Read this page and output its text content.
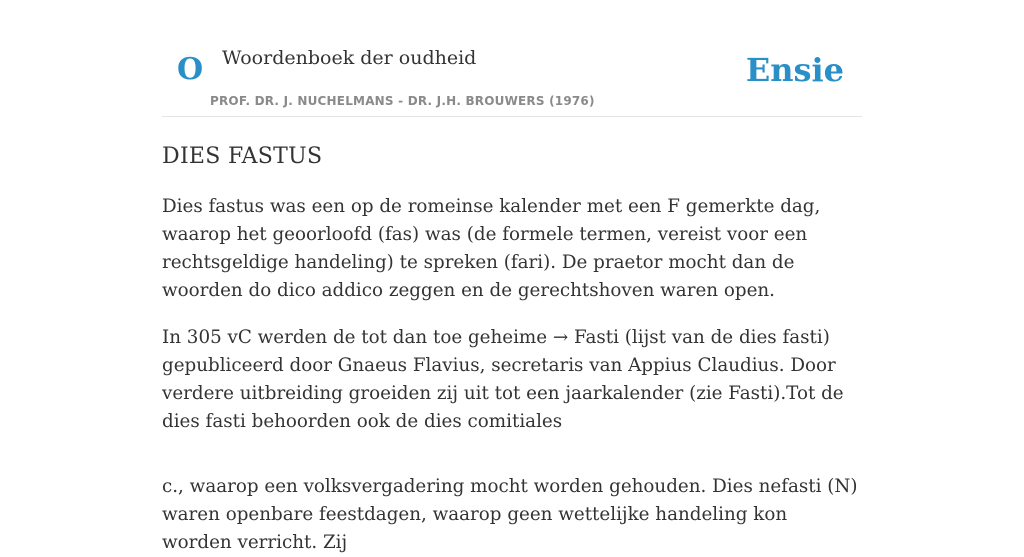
O Woordenboek der oudheid
PROF. DR. J. NUCHELMANS - DR. J.H. BROUWERS (1976)
Ensie
DIES FASTUS

Dies fastus was een op de romeinse kalender met een F gemerkte dag, waarop het geoorloofd (fas) was (de formele termen, vereist voor een rechtsgeldige handeling) te spreken (fari). De praetor mocht dan de woorden do dico addico zeggen en de gerechtshoven waren open.

In 305 vC werden de tot dan toe geheime → Fasti (lijst van de dies fasti) gepubliceerd door Gnaeus Flavius, secretaris van Appius Claudius. Door verdere uitbreiding groeiden zij uit tot een jaarkalender (zie Fasti).Tot de dies fasti behoorden ook de dies comitiales

c., waarop een volksvergadering mocht worden gehouden. Dies nefasti (N) waren openbare feestdagen, waarop geen wettelijke handeling kon worden verricht. Zij
